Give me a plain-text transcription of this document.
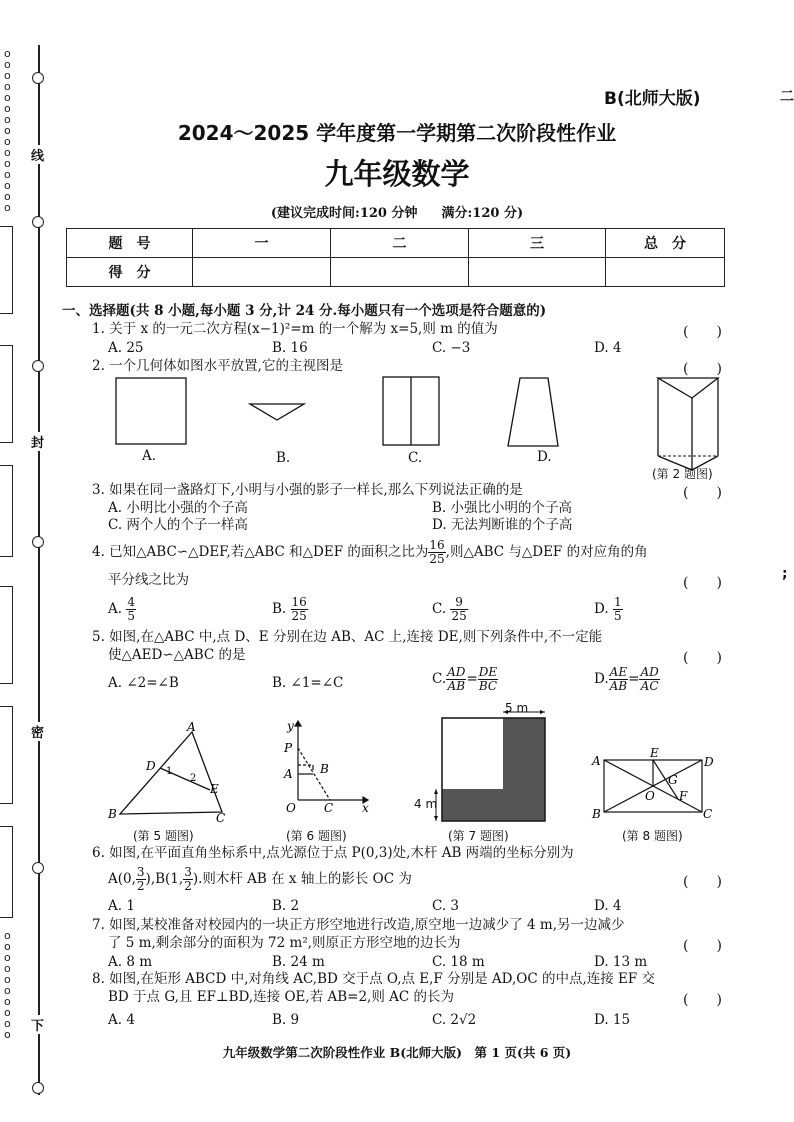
o
o
o
o
o
o
o
o
o
o
o
o
o
o
o
o
o
o
o
o
o
o
o
o
o
线
封
密
下
B(北师大版)	二
;
2024～2025 学年度第一学期第二次阶段性作业
九年级数学
(建议完成时间:120 分钟 满分:120 分)
题　号	一	二	三	总　分
得　分				
一、选择题(共 8 小题,每小题 3 分,计 24 分.每小题只有一个选项是符合题意的)
1. 关于 x 的一元二次方程(x−1)²=m 的一个解为 x=5,则 m 的值为	(　　)
A. 25	B. 16	C. −3	D. 4
2. 一个几何体如图水平放置,它的主视图是	(　　)
A.	B.	C.	D.
(第 2 题图)
3. 如果在同一盏路灯下,小明与小强的影子一样长,那么下列说法正确的是	(　　)
A. 小明比小强的个子高	B. 小强比小明的个子高
C. 两个人的个子一样高	D. 无法判断谁的个子高
4. 已知△ABC∽△DEF,若△ABC 和△DEF 的面积之比为 $\frac{16}{25}$ ,则△ABC 与△DEF 的对应角的角
平分线之比为	(　　)
A. $\frac{4}{5}$	B. $\frac{16}{25}$	C. $\frac{9}{25}$	D. $\frac{1}{5}$
5. 如图,在△ABC 中,点 D、E 分别在边 AB、AC 上,连接 DE,则下列条件中,不一定能
使△AED∽△ABC 的是	(　　)
A. ∠2=∠B	B. ∠1=∠C	C. $\frac{AD}{AB} = \frac{DE}{BC}$	D. $\frac{AE}{AB} = \frac{AD}{AC}$
A
B	C
D
E
1
2
y
P
A B
O C x
A
B	C
D
E
G
O F
5 m
4 m
(第 5 题图)	(第 6 题图)	(第 7 题图)	(第 8 题图)
6. 如图,在平面直角坐标系中,点光源位于点 P(0,3)处,木杆 AB 两端的坐标分别为
A(0, $\frac{3}{2} ),B(1$, $\frac{3}{2}$ ).则木杆 AB 在 x 轴上的影长 OC 为	(　　)
A. 1	B. 2	C. 3	D. 4
7. 如图,某校准备对校园内的一块正方形空地进行改造,原空地一边减少了 4 m,另一边减少
了 5 m,剩余部分的面积为 72 m²,则原正方形空地的边长为	(　　)
A. 8 m	B. 24 m	C. 18 m	D. 13 m
8. 如图,在矩形 ABCD 中,对角线 AC,BD 交于点 O,点 E,F 分别是 AD,OC 的中点,连接 EF 交
BD 于点 G,且 EF⊥BD,连接 OE,若 AB=2,则 AC 的长为	(　　)
A. 4	B. 9	C. 2√2	D. 15
九年级数学第二次阶段性作业 B(北师大版)　第 1 页(共 6 页)
